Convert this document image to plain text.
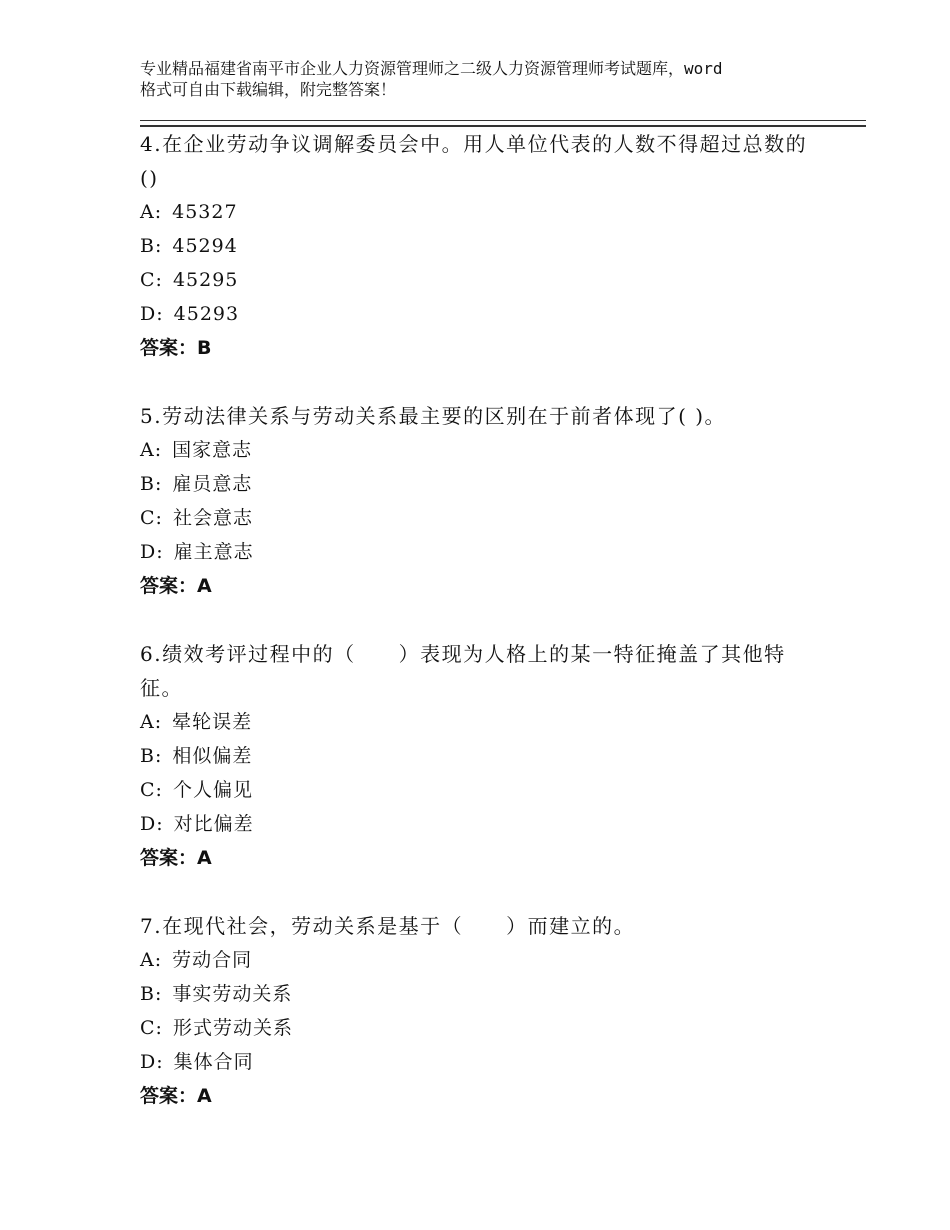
专业精品福建省南平市企业人力资源管理师之二级人力资源管理师考试题库，word
格式可自由下载编辑，附完整答案！
4.在企业劳动争议调解委员会中。用人单位代表的人数不得超过总数的()
A: 45327
B: 45294
C: 45295
D: 45293
答案：B
5.劳动法律关系与劳动关系最主要的区别在于前者体现了( )。
A: 国家意志
B: 雇员意志
C: 社会意志
D: 雇主意志
答案：A
6.绩效考评过程中的（　　）表现为人格上的某一特征掩盖了其他特征。
A: 晕轮误差
B: 相似偏差
C: 个人偏见
D: 对比偏差
答案：A
7.在现代社会，劳动关系是基于（　　）而建立的。
A: 劳动合同
B: 事实劳动关系
C: 形式劳动关系
D: 集体合同
答案：A
